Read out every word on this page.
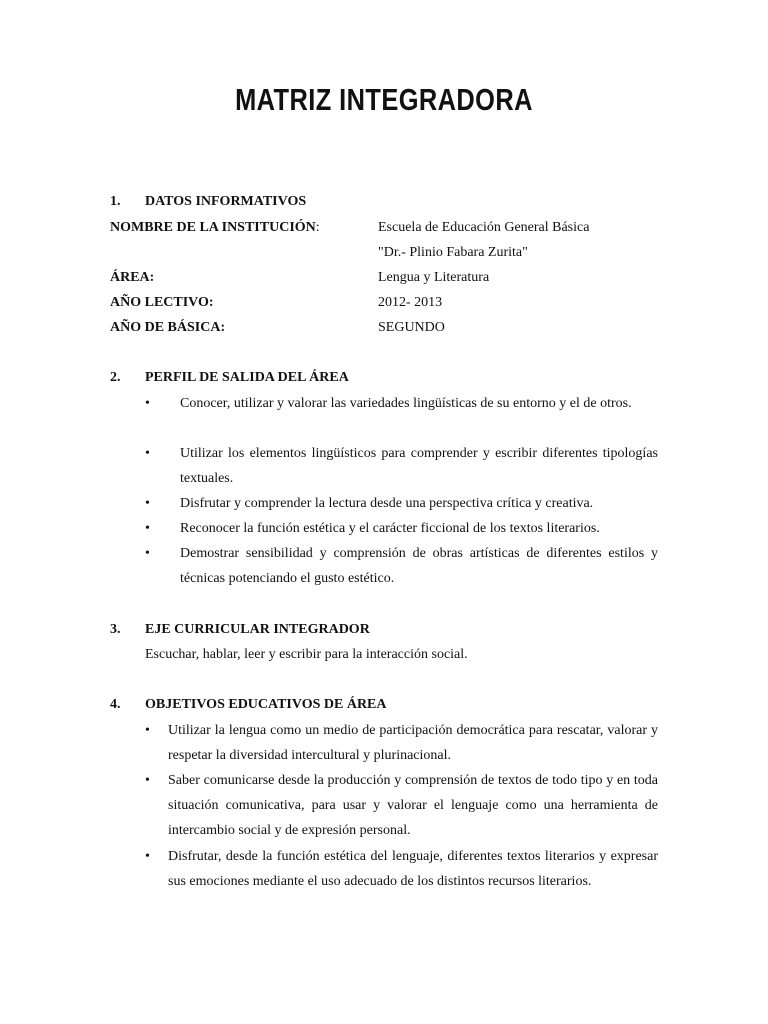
MATRIZ INTEGRADORA
1. DATOS INFORMATIVOS
NOMBRE DE LA INSTITUCIÓN:	Escuela de Educación General Básica
"Dr.- Plinio Fabara Zurita"
ÁREA:	Lengua y Literatura
AÑO LECTIVO:	2012- 2013
AÑO DE BÁSICA:	SEGUNDO
2. PERFIL DE SALIDA DEL ÁREA
• Conocer, utilizar y valorar las variedades lingüísticas de su entorno y el de otros.
• Utilizar los elementos lingüísticos para comprender y escribir diferentes tipologías textuales.
• Disfrutar y comprender la lectura desde una perspectiva crítica y creativa.
• Reconocer la función estética y el carácter ficcional de los textos literarios.
• Demostrar sensibilidad y comprensión de obras artísticas de diferentes estilos y técnicas potenciando el gusto estético.
3. EJE CURRICULAR INTEGRADOR
Escuchar, hablar, leer y escribir para la interacción social.
4. OBJETIVOS EDUCATIVOS DE ÁREA
• Utilizar la lengua como un medio de participación democrática para rescatar, valorar y respetar la diversidad intercultural y plurinacional.
• Saber comunicarse desde la producción y comprensión de textos de todo tipo y en toda situación comunicativa, para usar y valorar el lenguaje como una herramienta de intercambio social y de expresión personal.
• Disfrutar, desde la función estética del lenguaje, diferentes textos literarios y expresar sus emociones mediante el uso adecuado de los distintos recursos literarios.
